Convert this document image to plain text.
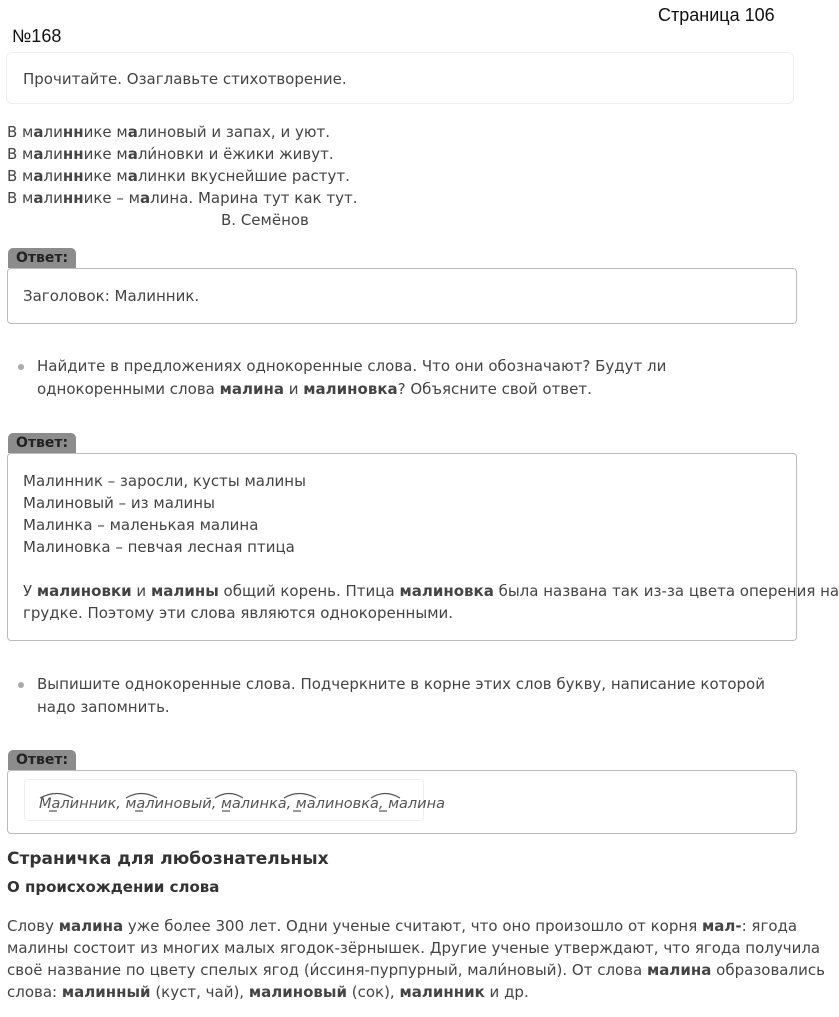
Страница 106
№168
Прочитайте. Озаглавьте стихотворение.
В малиннике малиновый и запах, и уют.
В малиннике мали́новки и ёжики живут.
В малиннике малинки вкуснейшие растут.
В малиннике – малина. Марина тут как тут.
В. Семёнов
Ответ:
Заголовок: Малинник.
Найдите в предложениях однокоренные слова. Что они обозначают? Будут ли однокоренными слова малина и малиновка? Объясните свой ответ.
Ответ:
Малинник – заросли, кусты малины
Малиновый – из малины
Малинка – маленькая малина
Малиновка – певчая лесная птица
У малиновки и малины общий корень. Птица малиновка была названа так из-за цвета оперения на
грудке. Поэтому эти слова являются однокоренными.
Выпишите однокоренные слова. Подчеркните в корне этих слов букву, написание которой надо запомнить.
Ответ:
Малинник, малиновый, малинка, малиновка, малина
Страничка для любознательных
О происхождении слова
Слову малина уже более 300 лет. Одни ученые считают, что оно произошло от корня мал-: ягода
малины состоит из многих малых ягодок-зёрнышек. Другие ученые утверждают, что ягода получила
своё название по цвету спелых ягод (и́ссиня-пурпурный, мали́новый). От слова малина образовались
слова: малинный (куст, чай), малиновый (сок), малинник и др.
